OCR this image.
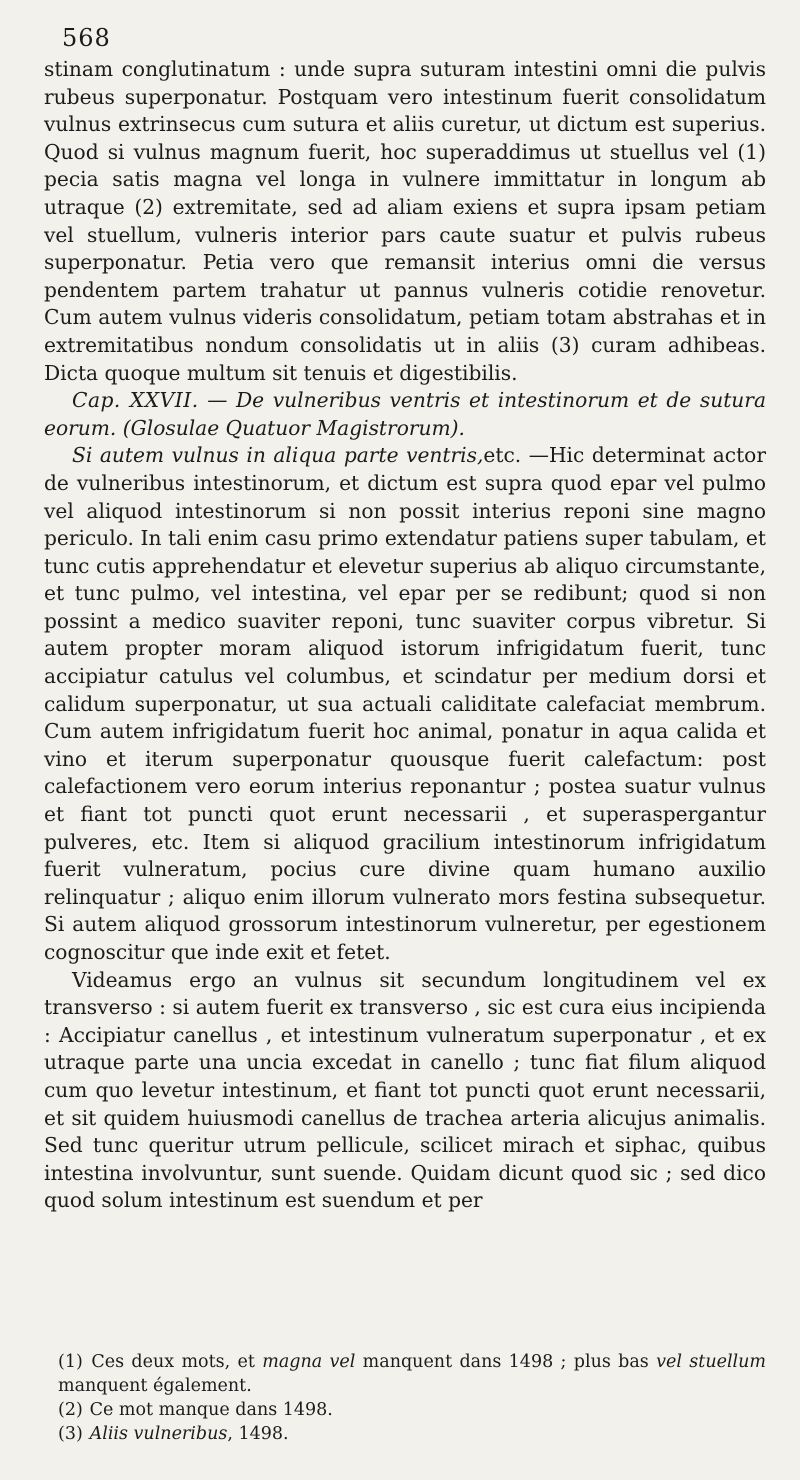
568

stinam conglutinatum : unde supra suturam intestini omni die pulvis rubeus superponatur. Postquam vero intestinum fuerit consolidatum vulnus extrinsecus cum sutura et aliis curetur, ut dictum est superius. Quod si vulnus magnum fuerit, hoc superaddimus ut stuellus vel (1) pecia satis magna vel longa in vulnere immittatur in longum ab utraque (2) extremitate, sed ad aliam exiens et supra ipsam petiam vel stuellum, vulneris interior pars caute suatur et pulvis rubeus superponatur. Petia vero que remansit interius omni die versus pendentem partem trahatur ut pannus vulneris cotidie renovetur. Cum autem vulnus videris consolidatum, petiam totam abstrahas et in extremitatibus nondum consolidatis ut in aliis (3) curam adhibeas. Dicta quoque multum sit tenuis et digestibilis.

Cap. XXVII. — De vulneribus ventris et intestinorum et de sutura eorum. (Glosulae Quatuor Magistrorum).

Si autem vulnus in aliqua parte ventris,etc. —Hic determinat actor de vulneribus intestinorum, et dictum est supra quod epar vel pulmo vel aliquod intestinorum si non possit interius reponi sine magno periculo. In tali enim casu primo extendatur patiens super tabulam, et tunc cutis apprehendatur et elevetur superius ab aliquo circumstante, et tunc pulmo, vel intestina, vel epar per se redibunt; quod si non possint a medico suaviter reponi, tunc suaviter corpus vibretur. Si autem propter moram aliquod istorum infrigidatum fuerit, tunc accipiatur catulus vel columbus, et scindatur per medium dorsi et calidum superponatur, ut sua actuali caliditate calefaciat membrum. Cum autem infrigidatum fuerit hoc animal, ponatur in aqua calida et vino et iterum superponatur quousque fuerit calefactum: post calefactionem vero eorum interius reponantur ; postea suatur vulnus et fiant tot puncti quot erunt necessarii , et superaspergantur pulveres, etc. Item si aliquod gracilium intestinorum infrigidatum fuerit vulneratum, pocius cure divine quam humano auxilio relinquatur ; aliquo enim illorum vulnerato mors festina subsequetur. Si autem aliquod grossorum intestinorum vulneretur, per egestionem cognoscitur que inde exit et fetet.

Videamus ergo an vulnus sit secundum longitudinem vel ex transverso : si autem fuerit ex transverso , sic est cura eius incipienda : Accipiatur canellus , et intestinum vulneratum superponatur , et ex utraque parte una uncia excedat in canello ; tunc fiat filum aliquod cum quo levetur intestinum, et fiant tot puncti quot erunt necessarii, et sit quidem huiusmodi canellus de trachea arteria alicujus animalis. Sed tunc queritur utrum pellicule, scilicet mirach et siphac, quibus intestina involvuntur, sunt suende. Quidam dicunt quod sic ; sed dico quod solum intestinum est suendum et per

(1) Ces deux mots, et magna vel manquent dans 1498 ; plus bas vel stuellum manquent également.

(2) Ce mot manque dans 1498.

(3) Aliis vulneribus, 1498.
